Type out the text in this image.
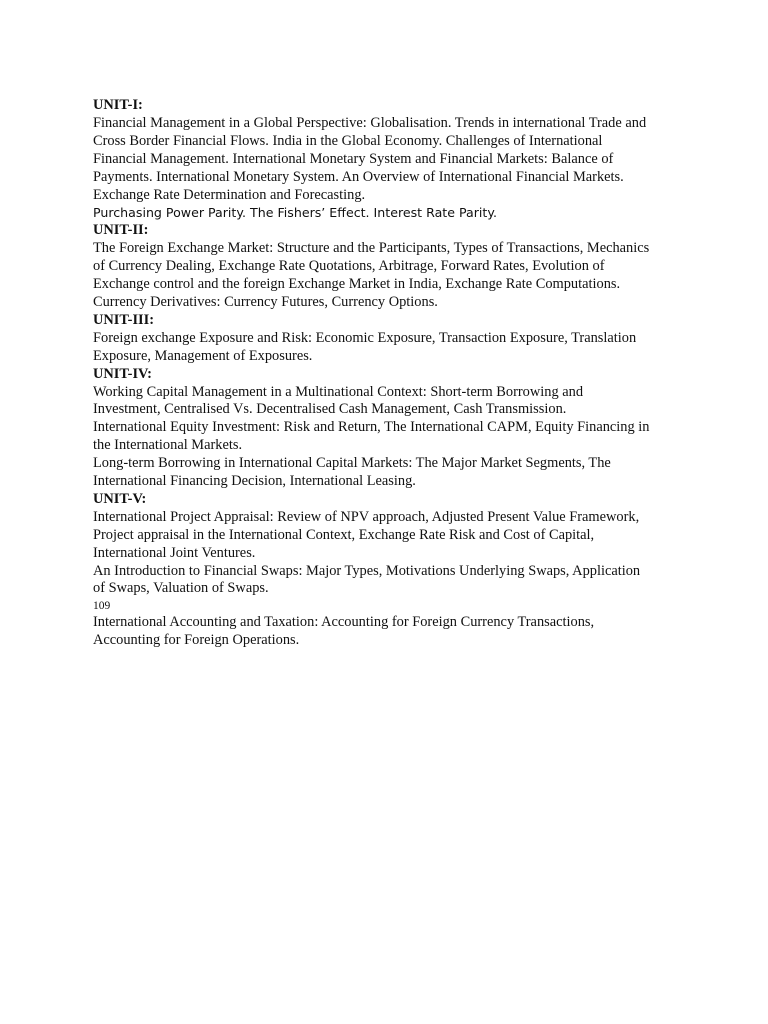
UNIT-I:

Financial Management in a Global Perspective: Globalisation. Trends in international Trade and Cross Border Financial Flows. India in the Global Economy. Challenges of International Financial Management. International Monetary System and Financial Markets: Balance of Payments. International Monetary System. An Overview of International Financial Markets. Exchange Rate Determination and Forecasting.

Purchasing Power Parity. The Fishers’ Effect. Interest Rate Parity.

UNIT-II:

The Foreign Exchange Market: Structure and the Participants, Types of Transactions, Mechanics of Currency Dealing, Exchange Rate Quotations, Arbitrage, Forward Rates, Evolution of Exchange control and the foreign Exchange Market in India, Exchange Rate Computations.

Currency Derivatives: Currency Futures, Currency Options.

UNIT-III:

Foreign exchange Exposure and Risk: Economic Exposure, Transaction Exposure, Translation Exposure, Management of Exposures.

UNIT-IV:

Working Capital Management in a Multinational Context: Short-term Borrowing and Investment, Centralised Vs. Decentralised Cash Management, Cash Transmission.

International Equity Investment: Risk and Return, The International CAPM, Equity Financing in the International Markets.

Long-term Borrowing in International Capital Markets: The Major Market Segments, The International Financing Decision, International Leasing.

UNIT-V:

International Project Appraisal: Review of NPV approach, Adjusted Present Value Framework, Project appraisal in the International Context, Exchange Rate Risk and Cost of Capital, International Joint Ventures.

An Introduction to Financial Swaps: Major Types, Motivations Underlying Swaps, Application of Swaps, Valuation of Swaps.

109

International Accounting and Taxation: Accounting for Foreign Currency Transactions, Accounting for Foreign Operations.
